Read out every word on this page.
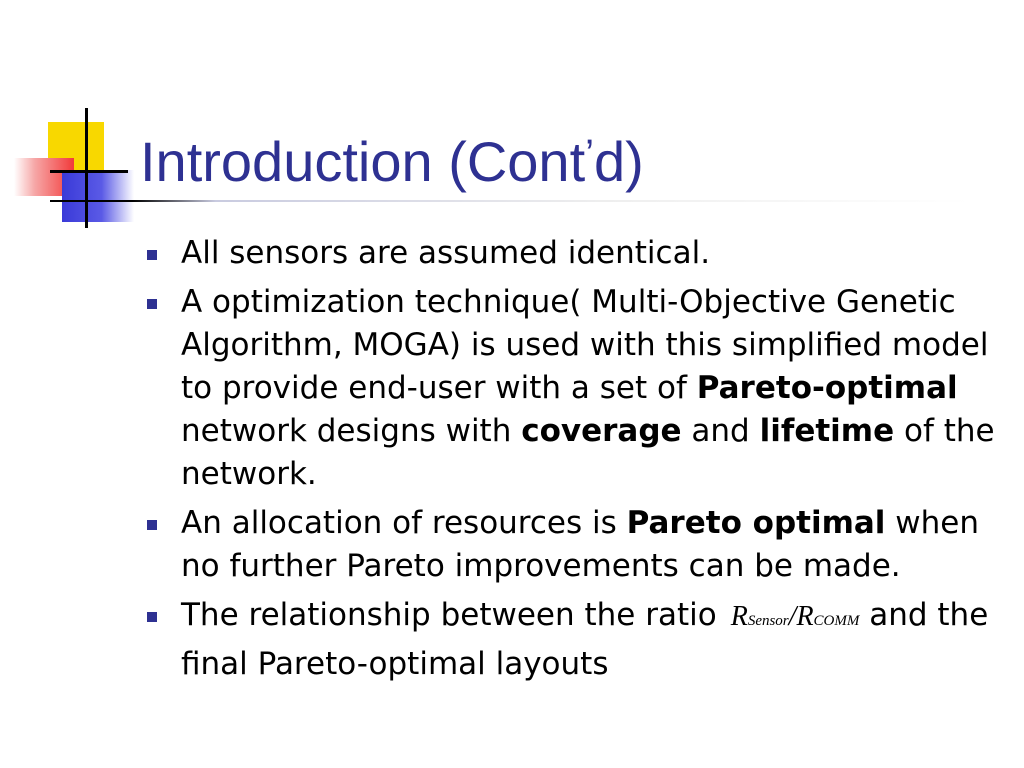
Introduction (Cont’d)
All sensors are assumed identical.
A optimization technique( Multi-Objective Genetic Algorithm, MOGA) is used with this simplified model to provide end-user with a set of Pareto-optimal network designs with coverage and lifetime of the network.
An allocation of resources is Pareto optimal when no further Pareto improvements can be made.
The relationship between the ratio RSensor/RCOMM and the final Pareto-optimal layouts
